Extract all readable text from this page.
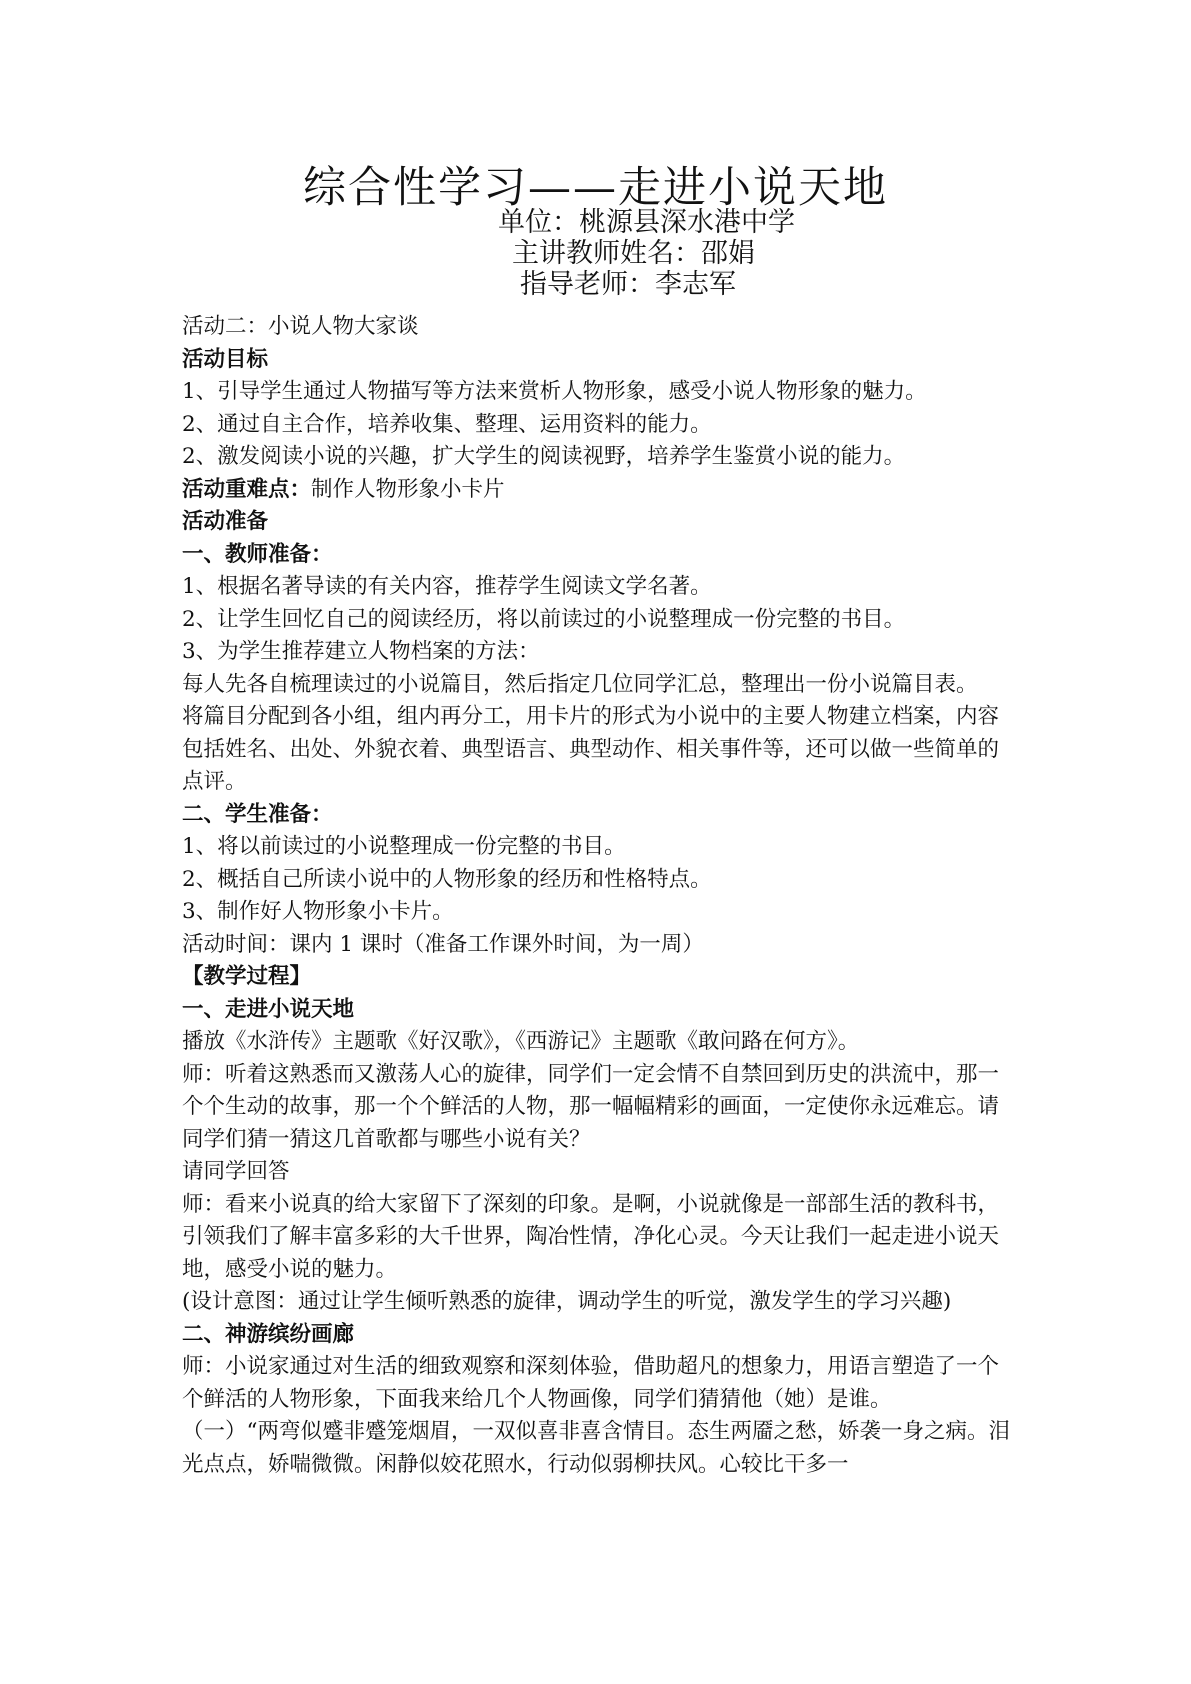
综合性学习——走进小说天地
单位：桃源县深水港中学
主讲教师姓名：邵娟
指导老师：李志军

活动二：小说人物大家谈

活动目标

1、引导学生通过人物描写等方法来赏析人物形象，感受小说人物形象的魅力。

2、通过自主合作，培养收集、整理、运用资料的能力。

2、激发阅读小说的兴趣，扩大学生的阅读视野，培养学生鉴赏小说的能力。

活动重难点：制作人物形象小卡片

活动准备

一、教师准备：

1、根据名著导读的有关内容，推荐学生阅读文学名著。

2、让学生回忆自己的阅读经历，将以前读过的小说整理成一份完整的书目。

3、为学生推荐建立人物档案的方法：

每人先各自梳理读过的小说篇目，然后指定几位同学汇总，整理出一份小说篇目表。

将篇目分配到各小组，组内再分工，用卡片的形式为小说中的主要人物建立档案，内容包括姓名、出处、外貌衣着、典型语言、典型动作、相关事件等，还可以做一些简单的点评。

二、学生准备：

1、将以前读过的小说整理成一份完整的书目。

2、概括自己所读小说中的人物形象的经历和性格特点。

3、制作好人物形象小卡片。

活动时间：课内 1 课时（准备工作课外时间，为一周）

【教学过程】

一、走进小说天地

播放《水浒传》主题歌《好汉歌》，《西游记》主题歌《敢问路在何方》。

师：听着这熟悉而又激荡人心的旋律，同学们一定会情不自禁回到历史的洪流中，那一个个生动的故事，那一个个鲜活的人物，那一幅幅精彩的画面，一定使你永远难忘。请同学们猜一猜这几首歌都与哪些小说有关？

请同学回答

师：看来小说真的给大家留下了深刻的印象。是啊，小说就像是一部部生活的教科书，引领我们了解丰富多彩的大千世界，陶冶性情，净化心灵。今天让我们一起走进小说天地，感受小说的魅力。

(设计意图：通过让学生倾听熟悉的旋律，调动学生的听觉，激发学生的学习兴趣)

二、神游缤纷画廊

师：小说家通过对生活的细致观察和深刻体验，借助超凡的想象力，用语言塑造了一个个鲜活的人物形象，下面我来给几个人物画像，同学们猜猜他（她）是谁。

（一）“两弯似蹙非蹙笼烟眉，一双似喜非喜含情目。态生两靥之愁，娇袭一身之病。泪光点点，娇喘微微。闲静似姣花照水，行动似弱柳扶风。心较比干多一
